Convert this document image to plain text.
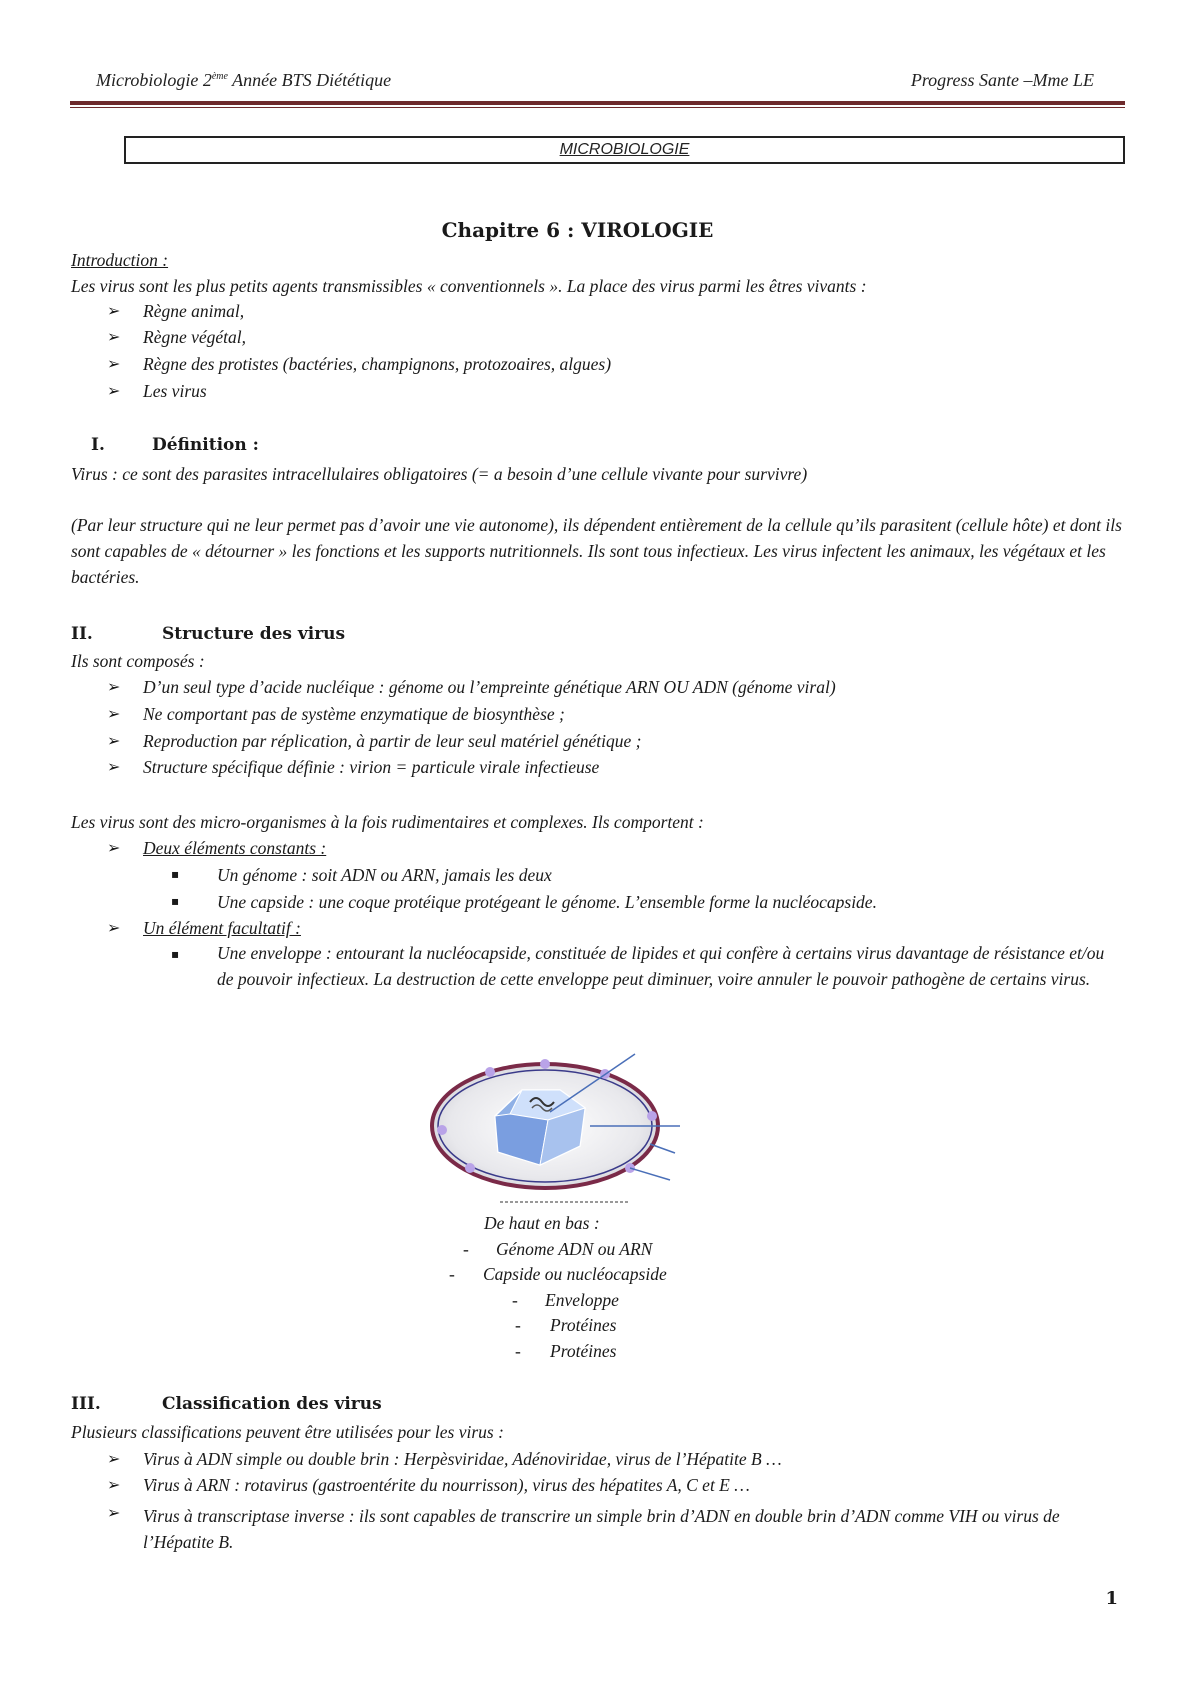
Microbiologie 2ème Année BTS Diététique	Progress Sante –Mme LE
MICROBIOLOGIE
Chapitre 6 : VIROLOGIE
Introduction :
Les virus sont les plus petits agents transmissibles « conventionnels ». La place des virus parmi les êtres vivants :
➢ Règne animal,
➢ Règne végétal,
➢ Règne des protistes (bactéries, champignons, protozoaires, algues)
➢ Les virus
I.	Définition :
Virus : ce sont des parasites intracellulaires obligatoires (= a besoin d’une cellule vivante pour survivre)
(Par leur structure qui ne leur permet pas d’avoir une vie autonome), ils dépendent entièrement de la cellule qu’ils parasitent (cellule hôte) et dont ils sont capables de « détourner » les fonctions et les supports nutritionnels. Ils sont tous infectieux. Les virus infectent les animaux, les végétaux et les bactéries.
II.	Structure des virus
Ils sont composés :
➢ D’un seul type d’acide nucléique : génome ou l’empreinte génétique ARN OU ADN (génome viral)
➢ Ne comportant pas de système enzymatique de biosynthèse ;
➢ Reproduction par réplication, à partir de leur seul matériel génétique ;
➢ Structure spécifique définie : virion = particule virale infectieuse
Les virus sont des micro-organismes à la fois rudimentaires et complexes. Ils comportent :
➢ Deux éléments constants :
▪ Un génome : soit ADN ou ARN, jamais les deux
▪ Une capside : une coque protéique protégeant le génome. L’ensemble forme la nucléocapside.
➢ Un élément facultatif :
▪ Une enveloppe : entourant la nucléocapside, constituée de lipides et qui confère à certains virus davantage de résistance et/ou de pouvoir infectieux. La destruction de cette enveloppe peut diminuer, voire annuler le pouvoir pathogène de certains virus.
De haut en bas :
- Génome ADN ou ARN
- Capside ou nucléocapside
- Enveloppe
- Protéines
- Protéines
III.	Classification des virus
Plusieurs classifications peuvent être utilisées pour les virus :
➢ Virus à ADN simple ou double brin : Herpèsviridae, Adénoviridae, virus de l’Hépatite B …
➢ Virus à ARN : rotavirus (gastroentérite du nourrisson), virus des hépatites A, C et E …
➢ Virus à transcriptase inverse : ils sont capables de transcrire un simple brin d’ADN en double brin d’ADN comme VIH ou virus de l’Hépatite B.
1
